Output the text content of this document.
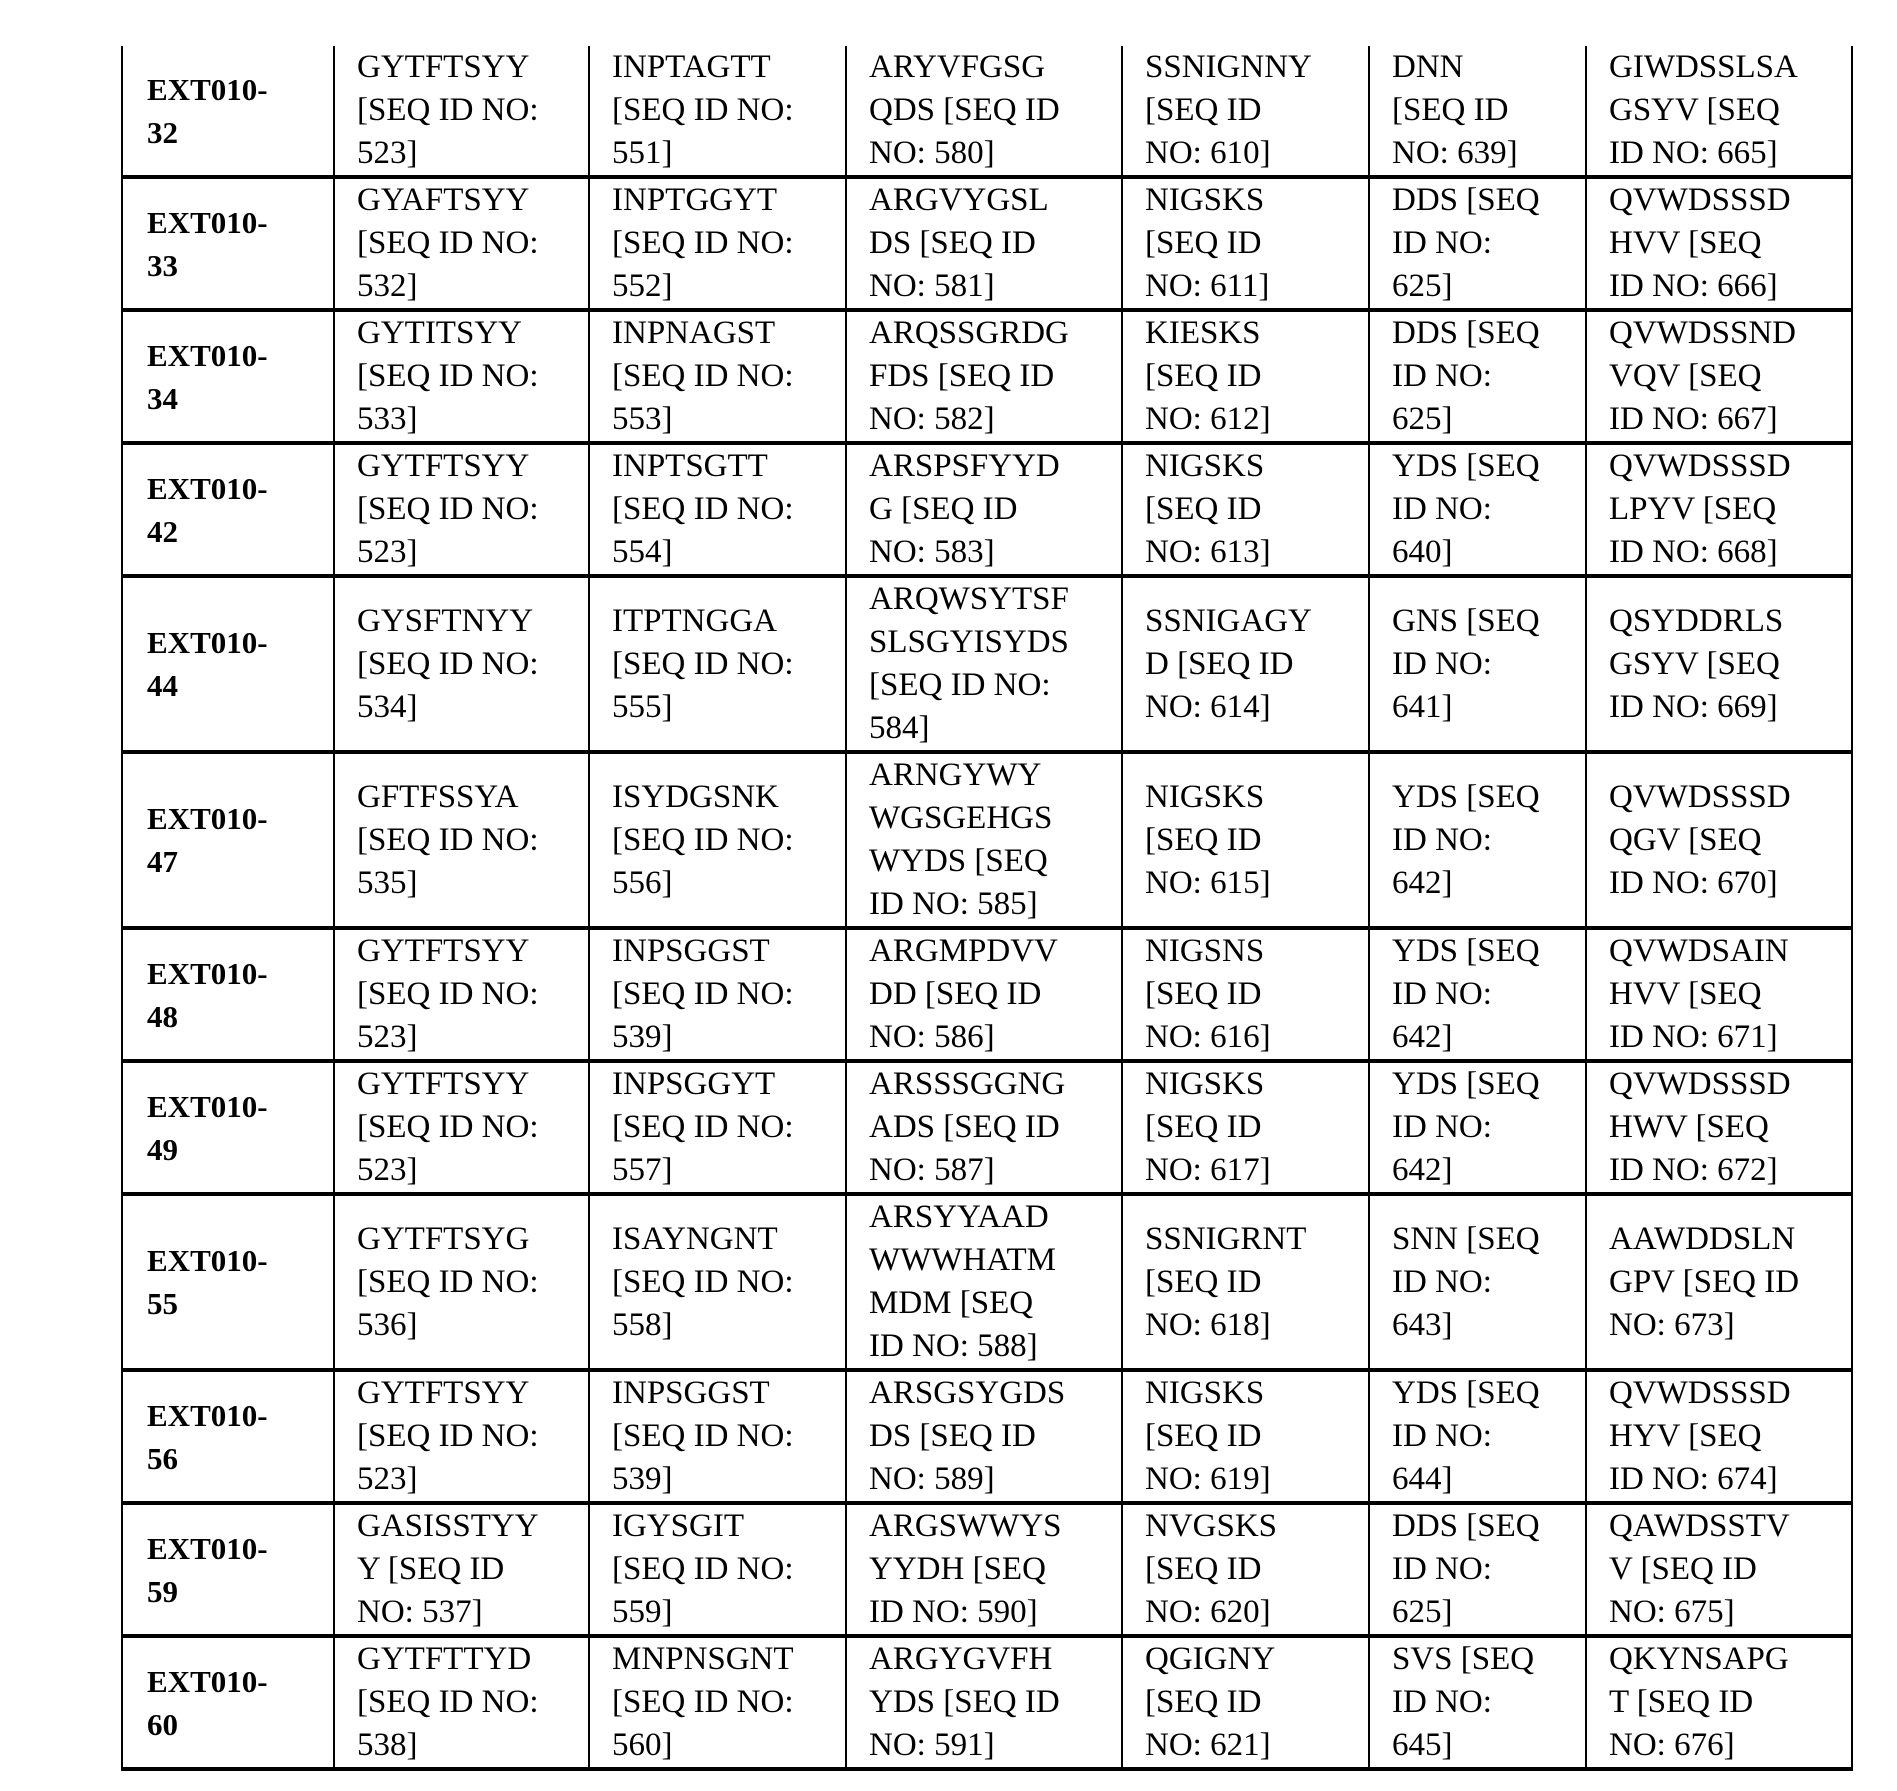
EXT010-
32	GYTFTSYY
[SEQ ID NO:
523]	INPTAGTT
[SEQ ID NO:
551]	ARYVFGSG
QDS [SEQ ID
NO: 580]	SSNIGNNY
[SEQ ID
NO: 610]	DNN
[SEQ ID
NO: 639]	GIWDSSLSA
GSYV [SEQ
ID NO: 665]

EXT010-
33	GYAFTSYY
[SEQ ID NO:
532]	INPTGGYT
[SEQ ID NO:
552]	ARGVYGSL
DS [SEQ ID
NO: 581]	NIGSKS
[SEQ ID
NO: 611]	DDS [SEQ
ID NO:
625]	QVWDSSSD
HVV [SEQ
ID NO: 666]

EXT010-
34	GYTITSYY
[SEQ ID NO:
533]	INPNAGST
[SEQ ID NO:
553]	ARQSSGRDG
FDS [SEQ ID
NO: 582]	KIESKS
[SEQ ID
NO: 612]	DDS [SEQ
ID NO:
625]	QVWDSSND
VQV [SEQ
ID NO: 667]

EXT010-
42	GYTFTSYY
[SEQ ID NO:
523]	INPTSGTT
[SEQ ID NO:
554]	ARSPSFYYD
G [SEQ ID
NO: 583]	NIGSKS
[SEQ ID
NO: 613]	YDS [SEQ
ID NO:
640]	QVWDSSSD
LPYV [SEQ
ID NO: 668]

EXT010-
44	GYSFTNYY
[SEQ ID NO:
534]	ITPTNGGA
[SEQ ID NO:
555]	ARQWSYTSF
SLSGYISYDS
[SEQ ID NO:
584]	SSNIGAGY
D [SEQ ID
NO: 614]	GNS [SEQ
ID NO:
641]	QSYDDRLS
GSYV [SEQ
ID NO: 669]

EXT010-
47	GFTFSSYA
[SEQ ID NO:
535]	ISYDGSNK
[SEQ ID NO:
556]	ARNGYWY
WGSGEHGS
WYDS [SEQ
ID NO: 585]	NIGSKS
[SEQ ID
NO: 615]	YDS [SEQ
ID NO:
642]	QVWDSSSD
QGV [SEQ
ID NO: 670]

EXT010-
48	GYTFTSYY
[SEQ ID NO:
523]	INPSGGST
[SEQ ID NO:
539]	ARGMPDVV
DD [SEQ ID
NO: 586]	NIGSNS
[SEQ ID
NO: 616]	YDS [SEQ
ID NO:
642]	QVWDSAIN
HVV [SEQ
ID NO: 671]

EXT010-
49	GYTFTSYY
[SEQ ID NO:
523]	INPSGGYT
[SEQ ID NO:
557]	ARSSSGGNG
ADS [SEQ ID
NO: 587]	NIGSKS
[SEQ ID
NO: 617]	YDS [SEQ
ID NO:
642]	QVWDSSSD
HWV [SEQ
ID NO: 672]

EXT010-
55	GYTFTSYG
[SEQ ID NO:
536]	ISAYNGNT
[SEQ ID NO:
558]	ARSYYAAD
WWWHATM
MDM [SEQ
ID NO: 588]	SSNIGRNT
[SEQ ID
NO: 618]	SNN [SEQ
ID NO:
643]	AAWDDSLN
GPV [SEQ ID
NO: 673]

EXT010-
56	GYTFTSYY
[SEQ ID NO:
523]	INPSGGST
[SEQ ID NO:
539]	ARSGSYGDS
DS [SEQ ID
NO: 589]	NIGSKS
[SEQ ID
NO: 619]	YDS [SEQ
ID NO:
644]	QVWDSSSD
HYV [SEQ
ID NO: 674]

EXT010-
59	GASISSTYY
Y [SEQ ID
NO: 537]	IGYSGIT
[SEQ ID NO:
559]	ARGSWWYS
YYDH [SEQ
ID NO: 590]	NVGSKS
[SEQ ID
NO: 620]	DDS [SEQ
ID NO:
625]	QAWDSSTV
V [SEQ ID
NO: 675]

EXT010-
60	GYTFTTYD
[SEQ ID NO:
538]	MNPNSGNT
[SEQ ID NO:
560]	ARGYGVFH
YDS [SEQ ID
NO: 591]	QGIGNY
[SEQ ID
NO: 621]	SVS [SEQ
ID NO:
645]	QKYNSAPG
T [SEQ ID
NO: 676]
